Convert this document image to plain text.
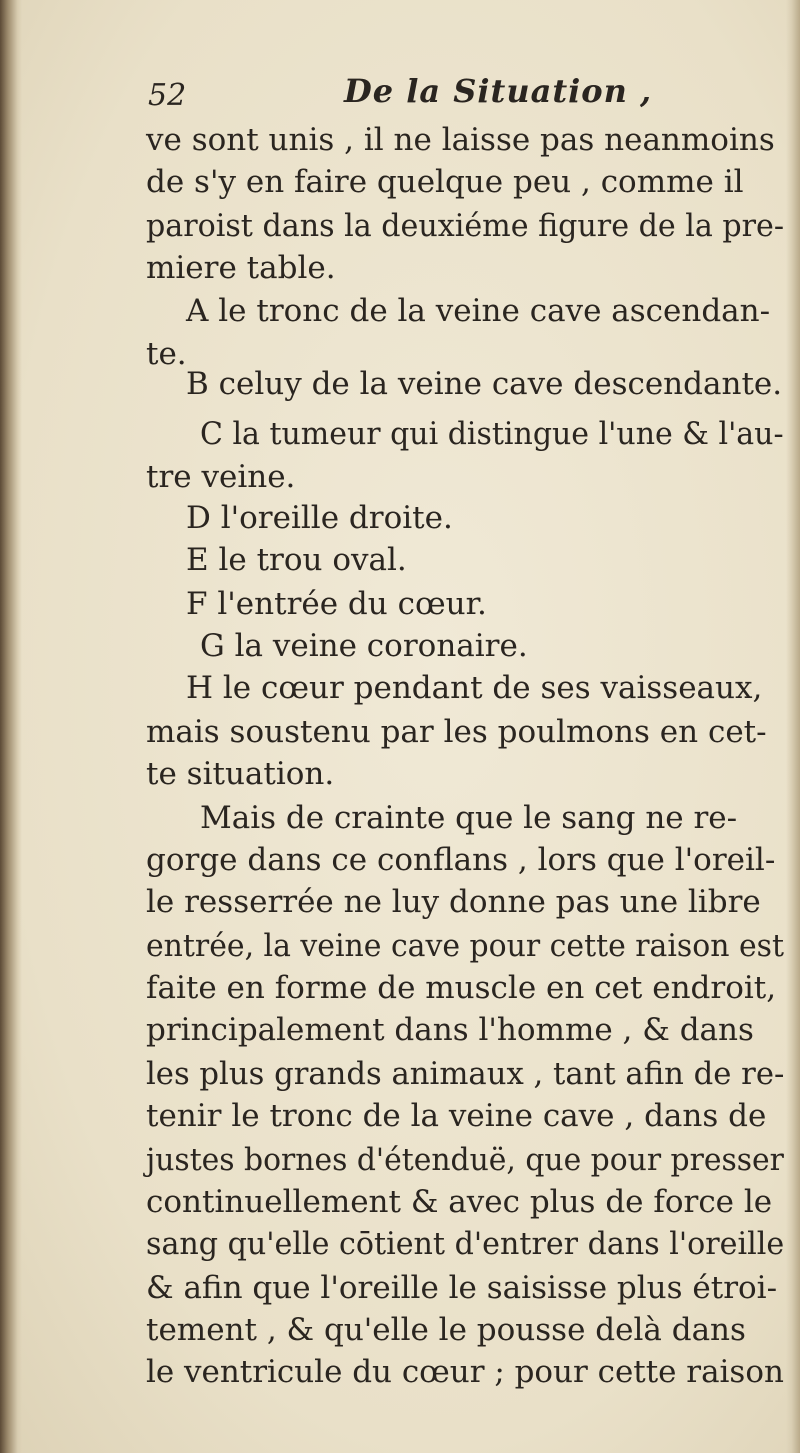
52	De la Situation ,
ve sont unis , il ne laisse pas neanmoins
de s'y en faire quelque peu , comme il
paroist dans la deuxiéme figure de la pre-
miere table.
A le tronc de la veine cave ascendan-
te.
B celuy de la veine cave descendante.
C la tumeur qui distingue l'une & l'au-
tre veine.
D l'oreille droite.
E le trou oval.
F l'entrée du cœur.
G la veine coronaire.
H le cœur pendant de ses vaisseaux,
mais soustenu par les poulmons en cet-
te situation.
Mais de crainte que le sang ne re-
gorge dans ce conflans , lors que l'oreil-
le resserrée ne luy donne pas une libre
entrée, la veine cave pour cette raison est
faite en forme de muscle en cet endroit,
principalement dans l'homme , & dans
les plus grands animaux , tant afin de re-
tenir le tronc de la veine cave , dans de
justes bornes d'étenduë, que pour presser
continuellement & avec plus de force le
sang qu'elle cōtient d'entrer dans l'oreille
& afin que l'oreille le saisisse plus étroi-
tement , & qu'elle le pousse delà dans
le ventricule du cœur ; pour cette raison
